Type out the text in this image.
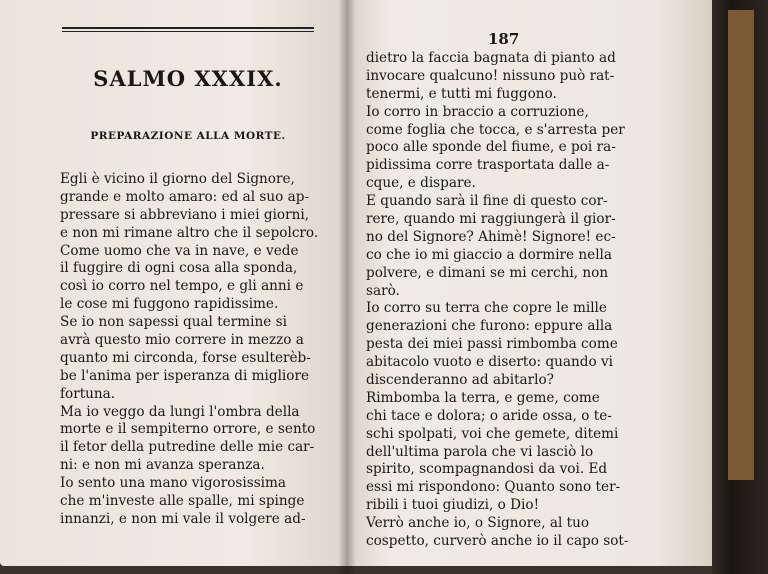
SALMO XXXIX.
PREPARAZIONE ALLA MORTE.
Egli è vicino il giorno del Signore,
grande e molto amaro: ed al suo ap-
pressare si abbreviano i miei giorni,
e non mi rimane altro che il sepolcro.
Come uomo che va in nave, e vede
il fuggire di ogni cosa alla sponda,
così io corro nel tempo, e gli anni e
le cose mi fuggono rapidissime.
Se io non sapessi qual termine si
avrà questo mio correre in mezzo a
quanto mi circonda, forse esulterèb-
be l'anima per isperanza di migliore
fortuna.
Ma io veggo da lungi l'ombra della
morte e il sempiterno orrore, e sento
il fetor della putredine delle mie car-
ni: e non mi avanza speranza.
Io sento una mano vigorosissima
che m'investe alle spalle, mi spinge
innanzi, e non mi vale il volgere ad-
187
dietro la faccia bagnata di pianto ad
invocare qualcuno! nissuno può rat-
tenermi, e tutti mi fuggono.
Io corro in braccio a corruzione,
come foglia che tocca, e s'arresta per
poco alle sponde del fiume, e poi ra-
pidissima corre trasportata dalle a-
cque, e dispare.
E quando sarà il fine di questo cor-
rere, quando mi raggiungerà il gior-
no del Signore? Ahimè! Signore! ec-
co che io mi giaccio a dormire nella
polvere, e dimani se mi cerchi, non
sarò.
Io corro su terra che copre le mille
generazioni che furono: eppure alla
pesta dei miei passi rimbomba come
abitacolo vuoto e diserto: quando vi
discenderanno ad abitarlo?
Rimbomba la terra, e geme, come
chi tace e dolora; o aride ossa, o te-
schi spolpati, voi che gemete, ditemi
dell'ultima parola che vi lasciò lo
spirito, scompagnandosi da voi. Ed
essi mi rispondono: Quanto sono ter-
ribili i tuoi giudizi, o Dio!
Verrò anche io, o Signore, al tuo
cospetto, curverò anche io il capo sot-
